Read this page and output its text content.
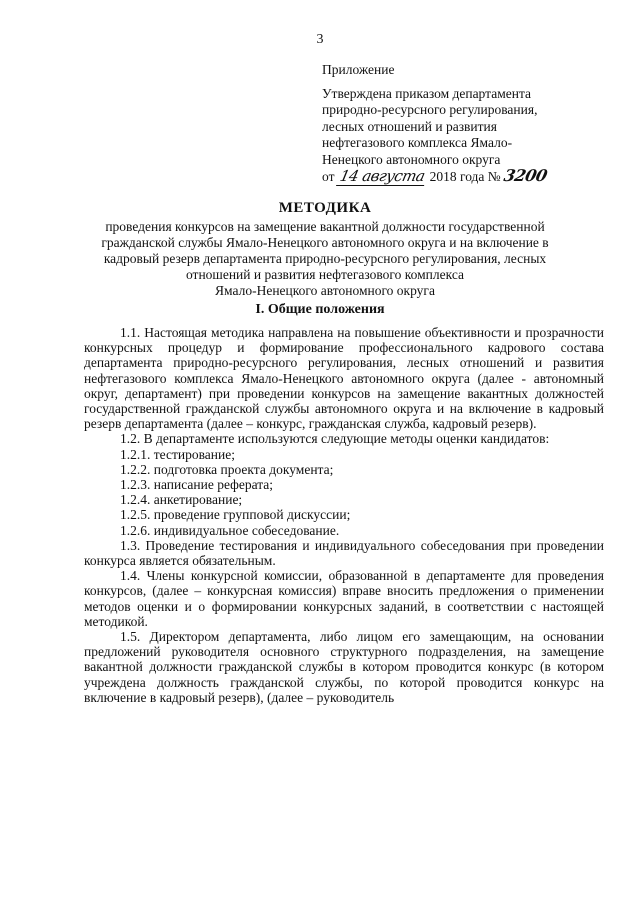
3
Приложение
Утверждена приказом департамента
природно-ресурсного регулирования,
лесных отношений и развития
нефтегазового комплекса Ямало-
Ненецкого автономного округа
от 14 августа 2018 года № 3200
МЕТОДИКА
проведения конкурсов на замещение вакантной должности государственной
гражданской службы Ямало-Ненецкого автономного округа и на включение в
кадровый резерв департамента природно-ресурсного регулирования, лесных
отношений и развития нефтегазового комплекса
Ямало-Ненецкого автономного округа
I. Общие положения

1.1. Настоящая методика направлена на повышение объективности и прозрачности конкурсных процедур и формирование профессионального кадрового состава департамента природно-ресурсного регулирования, лесных отношений и развития нефтегазового комплекса Ямало-Ненецкого автономного округа (далее - автономный округ, департамент) при проведении конкурсов на замещение вакантных должностей государственной гражданской службы автономного округа и на включение в кадровый резерв департамента (далее – конкурс, гражданская служба, кадровый резерв).

1.2. В департаменте используются следующие методы оценки кандидатов:

1.2.1. тестирование;

1.2.2. подготовка проекта документа;

1.2.3. написание реферата;

1.2.4. анкетирование;

1.2.5. проведение групповой дискуссии;

1.2.6. индивидуальное собеседование.

1.3. Проведение тестирования и индивидуального собеседования при проведении конкурса является обязательным.

1.4. Члены конкурсной комиссии, образованной в департаменте для проведения конкурсов, (далее – конкурсная комиссия) вправе вносить предложения о применении методов оценки и о формировании конкурсных заданий, в соответствии с настоящей методикой.

1.5. Директором департамента, либо лицом его замещающим, на основании предложений руководителя основного структурного подразделения, на замещение вакантной должности гражданской службы в котором проводится конкурс (в котором учреждена должность гражданской службы, по которой проводится конкурс на включение в кадровый резерв), (далее – руководитель
